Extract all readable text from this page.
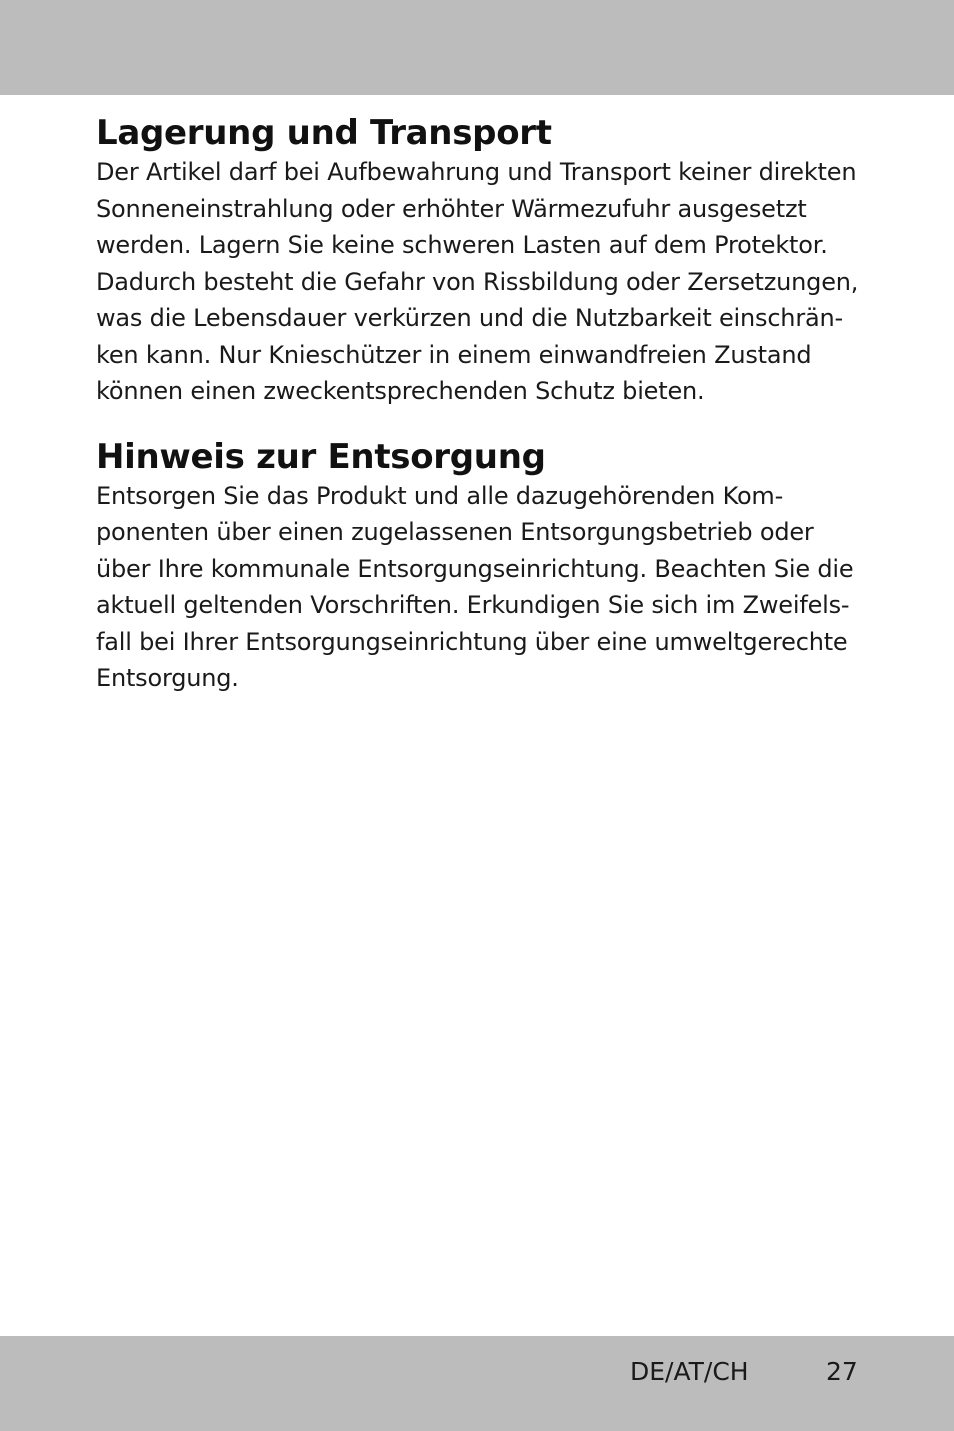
Lagerung und Transport
Der Artikel darf bei Aufbewahrung und Transport keiner direkten
Sonneneinstrahlung oder erhöhter Wärmezufuhr ausgesetzt
werden. Lagern Sie keine schweren Lasten auf dem Protektor.
Dadurch besteht die Gefahr von Rissbildung oder Zersetzungen,
was die Lebensdauer verkürzen und die Nutzbarkeit einschrän-
ken kann. Nur Knieschützer in einem einwandfreien Zustand
können einen zweckentsprechenden Schutz bieten.
Hinweis zur Entsorgung
Entsorgen Sie das Produkt und alle dazugehörenden Kom-
ponenten über einen zugelassenen Entsorgungsbetrieb oder
über Ihre kommunale Entsorgungseinrichtung. Beachten Sie die
aktuell geltenden Vorschriften. Erkundigen Sie sich im Zweifels-
fall bei Ihrer Entsorgungseinrichtung über eine umweltgerechte
Entsorgung.
DE/AT/CH	27
